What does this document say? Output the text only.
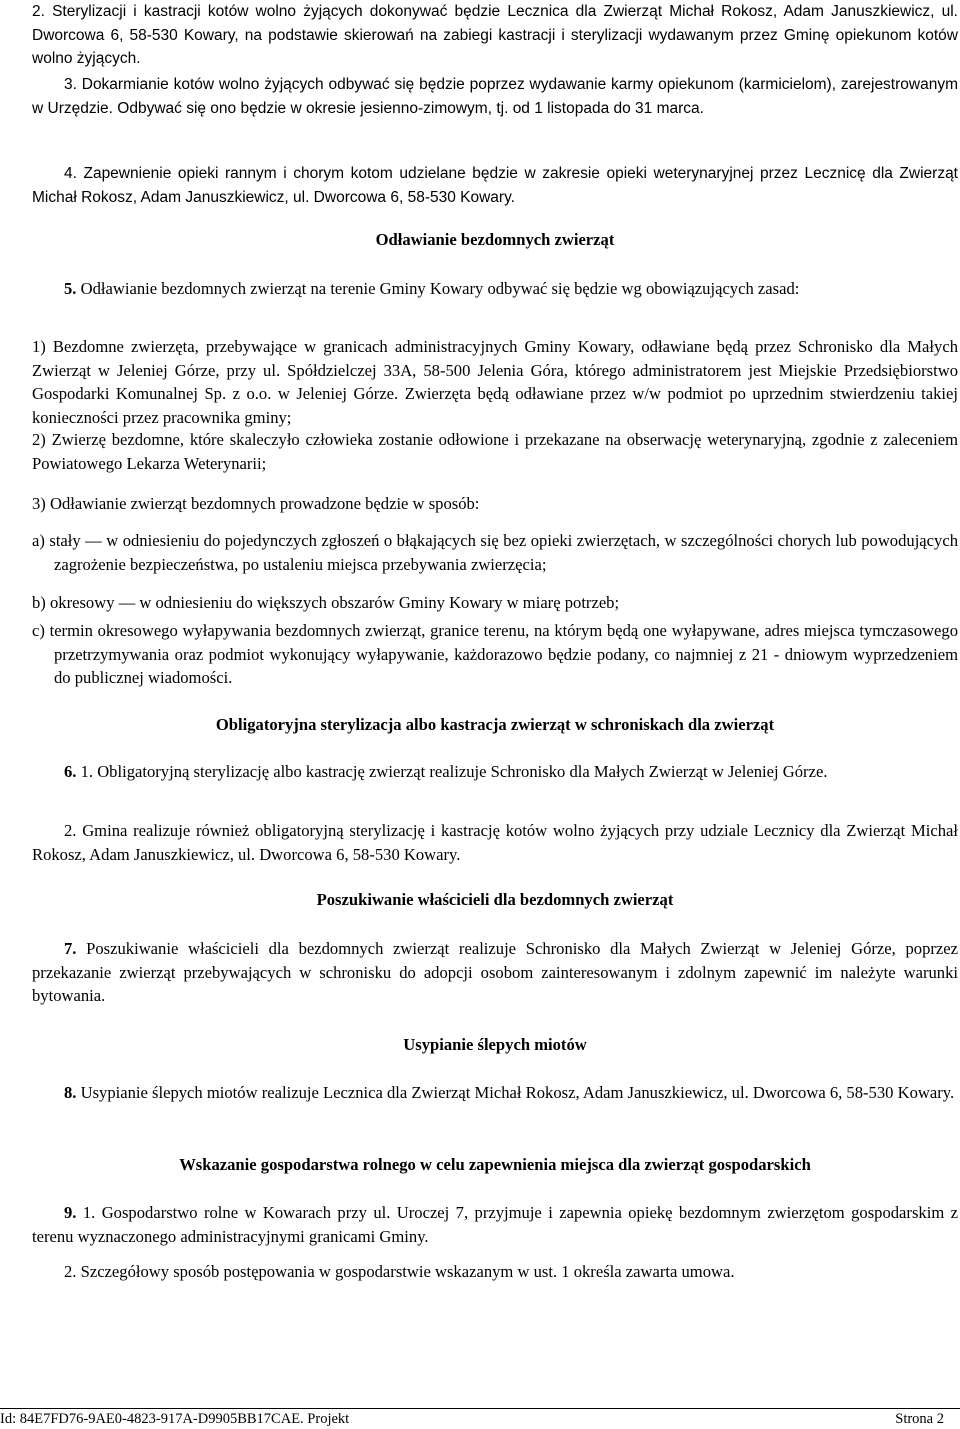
2. Sterylizacji i kastracji kotów wolno żyjących dokonywać będzie Lecznica dla Zwierząt Michał Rokosz, Adam Januszkiewicz, ul. Dworcowa 6, 58-530 Kowary, na podstawie skierowań na zabiegi kastracji i sterylizacji wydawanym przez Gminę opiekunom kotów wolno żyjących.

3. Dokarmianie kotów wolno żyjących odbywać się będzie poprzez wydawanie karmy opiekunom (karmicielom), zarejestrowanym w Urzędzie. Odbywać się ono będzie w okresie jesienno-zimowym, tj. od 1 listopada do 31 marca.

4. Zapewnienie opieki rannym i chorym kotom udzielane będzie w zakresie opieki weterynaryjnej przez Lecznicę dla Zwierząt Michał Rokosz, Adam Januszkiewicz, ul. Dworcowa 6, 58-530 Kowary.

Odławianie bezdomnych zwierząt

5. Odławianie bezdomnych zwierząt na terenie Gminy Kowary odbywać się będzie wg obowiązujących zasad:

1) Bezdomne zwierzęta, przebywające w granicach administracyjnych Gminy Kowary, odławiane będą przez Schronisko dla Małych Zwierząt w Jeleniej Górze, przy ul. Spółdzielczej 33A, 58-500 Jelenia Góra, którego administratorem jest Miejskie Przedsiębiorstwo Gospodarki Komunalnej Sp. z o.o. w Jeleniej Górze. Zwierzęta będą odławiane przez w/w podmiot po uprzednim stwierdzeniu takiej konieczności przez pracownika gminy;

2) Zwierzę bezdomne, które skaleczyło człowieka zostanie odłowione i przekazane na obserwację weterynaryjną, zgodnie z zaleceniem Powiatowego Lekarza Weterynarii;

3) Odławianie zwierząt bezdomnych prowadzone będzie w sposób:

a) stały — w odniesieniu do pojedynczych zgłoszeń o błąkających się bez opieki zwierzętach, w szczególności chorych lub powodujących zagrożenie bezpieczeństwa, po ustaleniu miejsca przebywania zwierzęcia;

b) okresowy — w odniesieniu do większych obszarów Gminy Kowary w miarę potrzeb;

c) termin okresowego wyłapywania bezdomnych zwierząt, granice terenu, na którym będą one wyłapywane, adres miejsca tymczasowego przetrzymywania oraz podmiot wykonujący wyłapywanie, każdorazowo będzie podany, co najmniej z 21 - dniowym wyprzedzeniem do publicznej wiadomości.

Obligatoryjna sterylizacja albo kastracja zwierząt w schroniskach dla zwierząt

6. 1. Obligatoryjną sterylizację albo kastrację zwierząt realizuje Schronisko dla Małych Zwierząt w Jeleniej Górze.

2. Gmina realizuje również obligatoryjną sterylizację i kastrację kotów wolno żyjących przy udziale Lecznicy dla Zwierząt Michał Rokosz, Adam Januszkiewicz, ul. Dworcowa 6, 58-530 Kowary.

Poszukiwanie właścicieli dla bezdomnych zwierząt

7. Poszukiwanie właścicieli dla bezdomnych zwierząt realizuje Schronisko dla Małych Zwierząt w Jeleniej Górze, poprzez przekazanie zwierząt przebywających w schronisku do adopcji osobom zainteresowanym i zdolnym zapewnić im należyte warunki bytowania.

Usypianie ślepych miotów

8. Usypianie ślepych miotów realizuje Lecznica dla Zwierząt Michał Rokosz, Adam Januszkiewicz, ul. Dworcowa 6, 58-530 Kowary.

Wskazanie gospodarstwa rolnego w celu zapewnienia miejsca dla zwierząt gospodarskich

9. 1. Gospodarstwo rolne w Kowarach przy ul. Uroczej 7, przyjmuje i zapewnia opiekę bezdomnym zwierzętom gospodarskim z terenu wyznaczonego administracyjnymi granicami Gminy.

2. Szczegółowy sposób postępowania w gospodarstwie wskazanym w ust. 1 określa zawarta umowa.

Id: 84E7FD76-9AE0-4823-917A-D9905BB17CAE. Projekt	Strona 2
